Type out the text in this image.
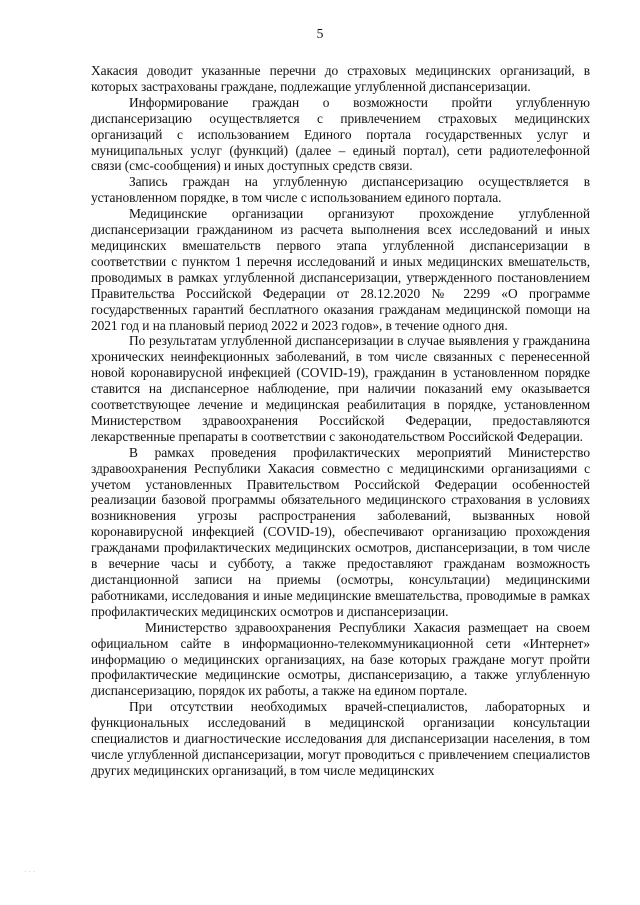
5

Хакасия доводит указанные перечни до страховых медицинских организаций, в которых застрахованы граждане, подлежащие углубленной диспансеризации.

Информирование граждан о возможности пройти углубленную диспансеризацию осуществляется с привлечением страховых медицинских организаций с использованием Единого портала государственных услуг и муниципальных услуг (функций) (далее – единый портал), сети радиотелефонной связи (смс-сообщения) и иных доступных средств связи.

Запись граждан на углубленную диспансеризацию осуществляется в установленном порядке, в том числе с использованием единого портала.

Медицинские организации организуют прохождение углубленной диспансеризации гражданином из расчета выполнения всех исследований и иных медицинских вмешательств первого этапа углубленной диспансеризации в соответствии с пунктом 1 перечня исследований и иных медицинских вмешательств, проводимых в рамках углубленной диспансеризации, утвержденного постановлением Правительства Российской Федерации от 28.12.2020 № 2299 «О программе государственных гарантий бесплатного оказания гражданам медицинской помощи на 2021 год и на плановый период 2022 и 2023 годов», в течение одного дня.

По результатам углубленной диспансеризации в случае выявления у гражданина хронических неинфекционных заболеваний, в том числе связанных с перенесенной новой коронавирусной инфекцией (COVID-19), гражданин в установленном порядке ставится на диспансерное наблюдение, при наличии показаний ему оказывается соответствующее лечение и медицинская реабилитация в порядке, установленном Министерством здравоохранения Российской Федерации, предоставляются лекарственные препараты в соответствии с законодательством Российской Федерации.

В рамках проведения профилактических мероприятий Министерство здравоохранения Республики Хакасия совместно с медицинскими организациями с учетом установленных Правительством Российской Федерации особенностей реализации базовой программы обязательного медицинского страхования в условиях возникновения угрозы распространения заболеваний, вызванных новой коронавирусной инфекцией (COVID-19), обеспечивают организацию прохождения гражданами профилактических медицинских осмотров, диспансеризации, в том числе в вечерние часы и субботу, а также предоставляют гражданам возможность дистанционной записи на приемы (осмотры, консультации) медицинскими работниками, исследования и иные медицинские вмешательства, проводимые в рамках профилактических медицинских осмотров и диспансеризации.

Министерство здравоохранения Республики Хакасия размещает на своем официальном сайте в информационно-телекоммуникационной сети «Интернет» информацию о медицинских организациях, на базе которых граждане могут пройти профилактические медицинские осмотры, диспансеризацию, а также углубленную диспансеризацию, порядок их работы, а также на едином портале.

При отсутствии необходимых врачей-специалистов, лабораторных и функциональных исследований в медицинской организации консультации специалистов и диагностические исследования для диспансеризации населения, в том числе углубленной диспансеризации, могут проводиться с привлечением специалистов других медицинских организаций, в том числе медицинских

· · ·
